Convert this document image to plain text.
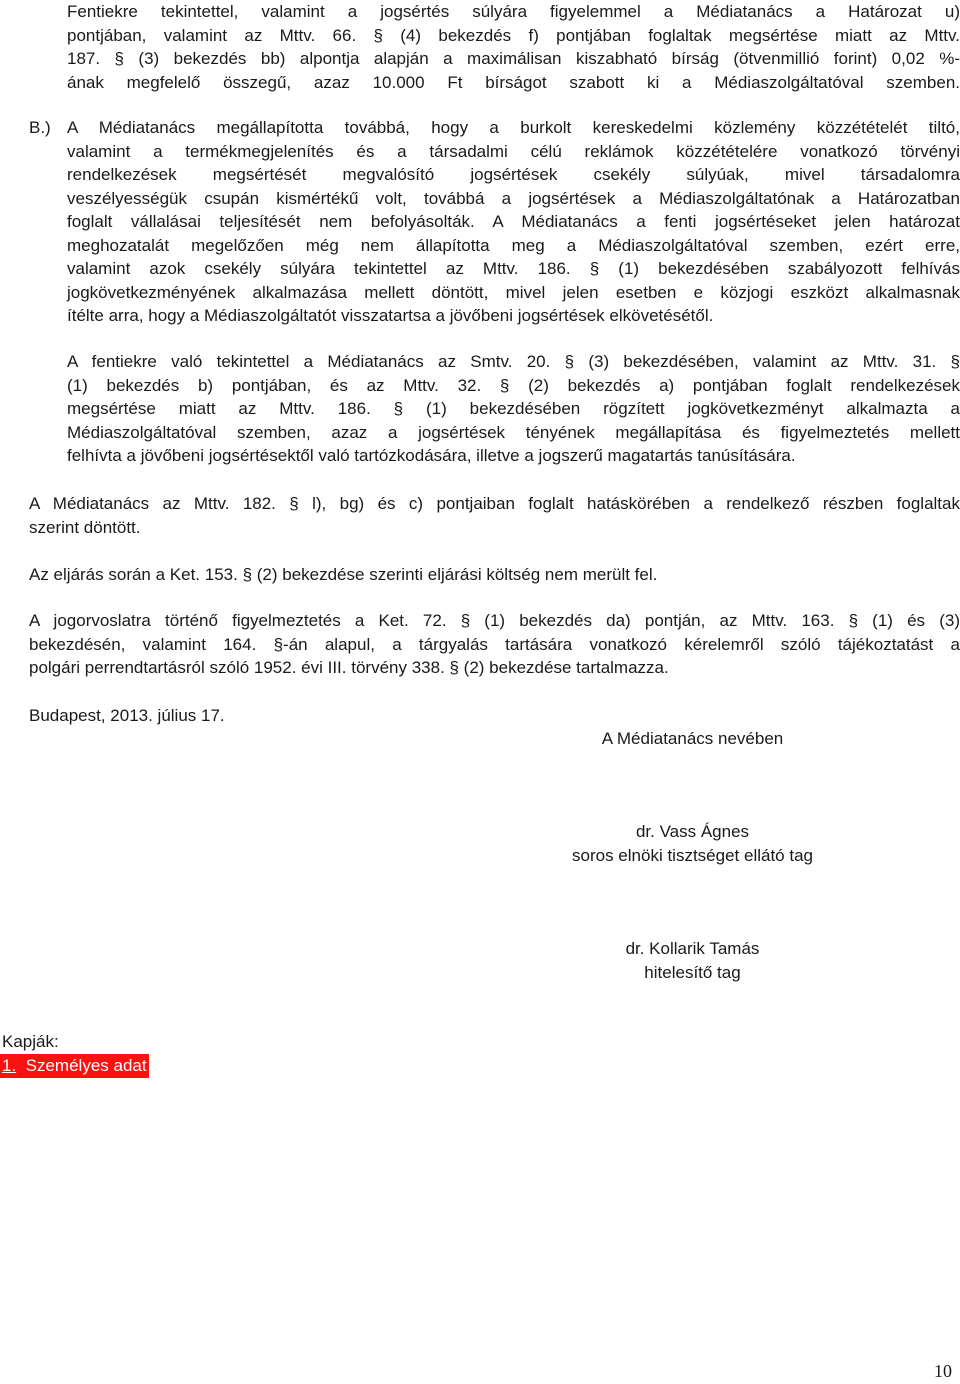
Fentiekre tekintettel, valamint a jogsértés súlyára figyelemmel a Médiatanács a Határozat u)
pontjában, valamint az Mttv. 66. § (4) bekezdés f) pontjában foglaltak megsértése miatt az Mttv.
187. § (3) bekezdés bb) alpontja alapján a maximálisan kiszabható bírság (ötvenmillió forint) 0,02 %-
ának megfelelő összegű, azaz 10.000 Ft bírságot szabott ki a Médiaszolgáltatóval szemben.
B.) A Médiatanács megállapította továbbá, hogy a burkolt kereskedelmi közlemény közzétételét tiltó,
valamint a termékmegjelenítés és a társadalmi célú reklámok közzétételére vonatkozó törvényi
rendelkezések megsértését megvalósító jogsértések csekély súlyúak, mivel társadalomra
veszélyességük csupán kismértékű volt, továbbá a jogsértések a Médiaszolgáltatónak a Határozatban
foglalt vállalásai teljesítését nem befolyásolták. A Médiatanács a fenti jogsértéseket jelen határozat
meghozatalát megelőzően még nem állapította meg a Médiaszolgáltatóval szemben, ezért erre,
valamint azok csekély súlyára tekintettel az Mttv. 186. § (1) bekezdésében szabályozott felhívás
jogkövetkezményének alkalmazása mellett döntött, mivel jelen esetben e közjogi eszközt alkalmasnak
ítélte arra, hogy a Médiaszolgáltatót visszatartsa a jövőbeni jogsértések elkövetésétől.
A fentiekre való tekintettel a Médiatanács az Smtv. 20. § (3) bekezdésében, valamint az Mttv. 31. §
(1) bekezdés b) pontjában, és az Mttv. 32. § (2) bekezdés a) pontjában foglalt rendelkezések
megsértése miatt az Mttv. 186. § (1) bekezdésében rögzített jogkövetkezményt alkalmazta a
Médiaszolgáltatóval szemben, azaz a jogsértések tényének megállapítása és figyelmeztetés mellett
felhívta a jövőbeni jogsértésektől való tartózkodására, illetve a jogszerű magatartás tanúsítására.
A Médiatanács az Mttv. 182. § l), bg) és c) pontjaiban foglalt hatáskörében a rendelkező részben foglaltak
szerint döntött.
Az eljárás során a Ket. 153. § (2) bekezdése szerinti eljárási költség nem merült fel.
A jogorvoslatra történő figyelmeztetés a Ket. 72. § (1) bekezdés da) pontján, az Mttv. 163. § (1) és (3)
bekezdésén, valamint 164. §-án alapul, a tárgyalás tartására vonatkozó kérelemről szóló tájékoztatást a
polgári perrendtartásról szóló 1952. évi III. törvény 338. § (2) bekezdése tartalmazza.
Budapest, 2013. július 17.
A Médiatanács nevében
dr. Vass Ágnes
soros elnöki tisztséget ellátó tag
dr. Kollarik Tamás
hitelesítő tag
Kapják:
1. Személyes adat
10
